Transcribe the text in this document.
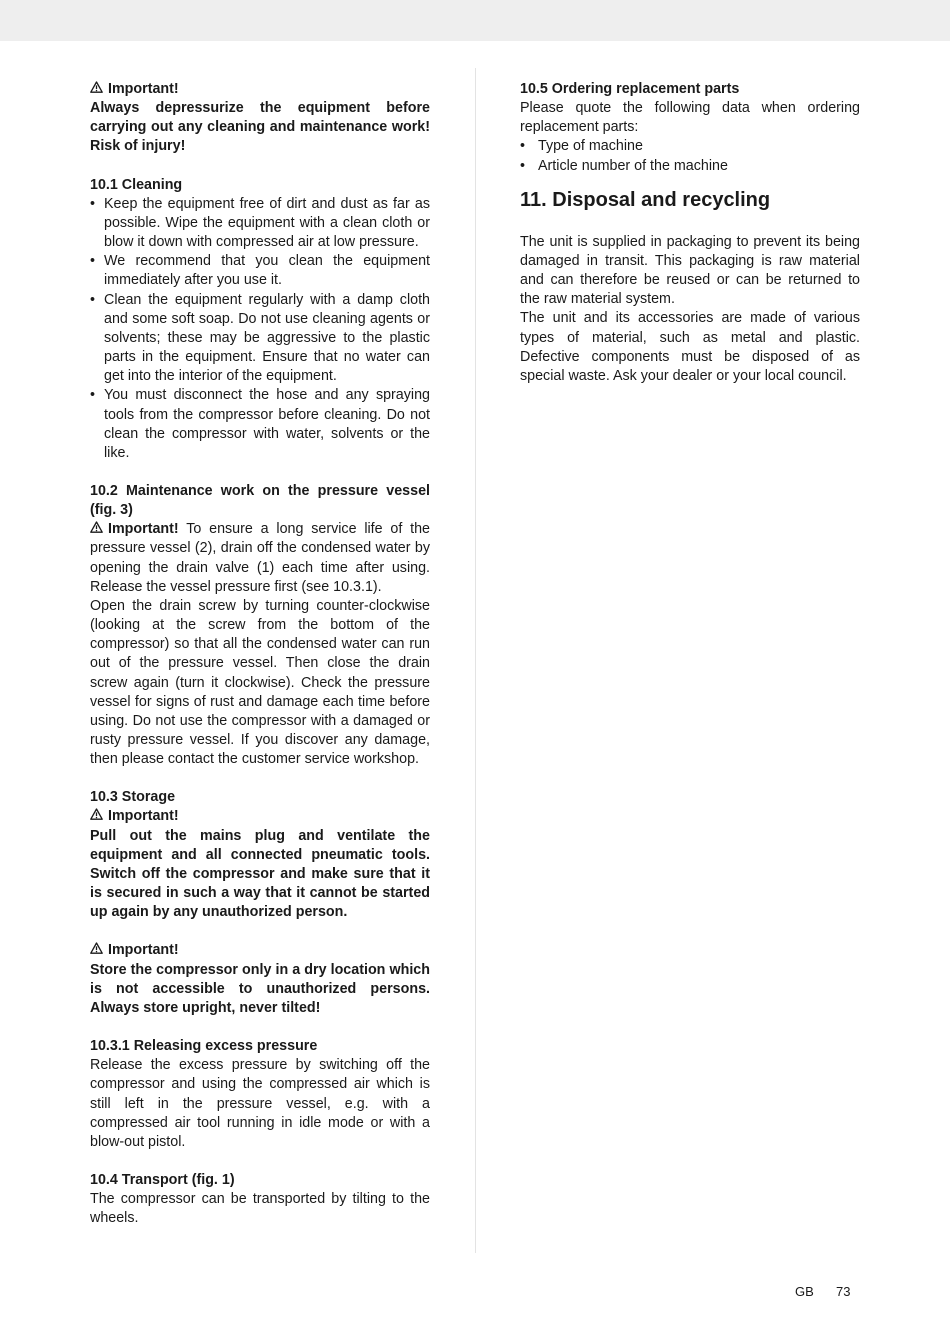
Important!

Always depressurize the equipment before carrying out any cleaning and maintenance work! Risk of injury!

10.1 Cleaning

• Keep the equipment free of dirt and dust as far as possible. Wipe the equipment with a clean cloth or blow it down with compressed air at low pressure.
• We recommend that you clean the equipment immediately after you use it.
• Clean the equipment regularly with a damp cloth and some soft soap. Do not use cleaning agents or solvents; these may be aggressive to the plastic parts in the equipment. Ensure that no water can get into the interior of the equipment.
• You must disconnect the hose and any spraying tools from the compressor before cleaning. Do not clean the compressor with water, solvents or the like.

10.2 Maintenance work on the pressure vessel (fig. 3)

Important! To ensure a long service life of the pressure vessel (2), drain off the condensed water by opening the drain valve (1) each time after using. Release the vessel pressure first (see 10.3.1).

Open the drain screw by turning counter-clockwise (looking at the screw from the bottom of the compressor) so that all the condensed water can run out of the pressure vessel. Then close the drain screw again (turn it clockwise). Check the pressure vessel for signs of rust and damage each time before using. Do not use the compressor with a damaged or rusty pressure vessel. If you discover any damage, then please contact the customer service workshop.

10.3 Storage

Important!

Pull out the mains plug and ventilate the equipment and all connected pneumatic tools. Switch off the compressor and make sure that it is secured in such a way that it cannot be started up again by any unauthorized person.

Important!

Store the compressor only in a dry location which is not accessible to unauthorized persons. Always store upright, never tilted!

10.3.1 Releasing excess pressure

Release the excess pressure by switching off the compressor and using the compressed air which is still left in the pressure vessel, e.g. with a compressed air tool running in idle mode or with a blow-out pistol.

10.4 Transport (fig. 1)

The compressor can be transported by tilting to the wheels.

10.5 Ordering replacement parts

Please quote the following data when ordering replacement parts:

• Type of machine
• Article number of the machine
11. Disposal and recycling

The unit is supplied in packaging to prevent its being damaged in transit. This packaging is raw material and can therefore be reused or can be returned to the raw material system.

The unit and its accessories are made of various types of material, such as metal and plastic. Defective components must be disposed of as special waste. Ask your dealer or your local council.

GB 73
